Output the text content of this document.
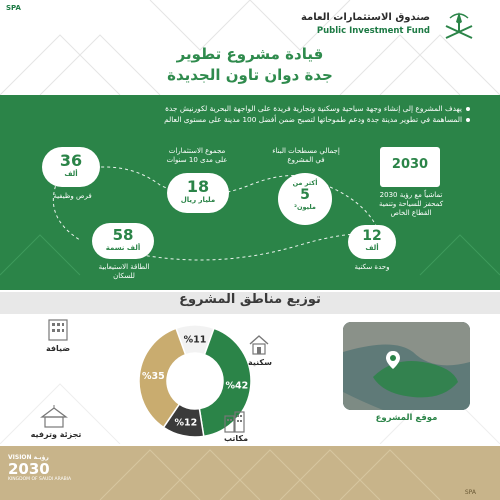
SPA
صندوق الاستثمارات العامة
Public Investment Fund
قيادة مشروع تطوير
جدة دوان تاون الجديدة
يهدف المشروع إلى إنشاء وجهة سياحية وسكنية وتجارية فريدة على الواجهة البحرية لكورنيش جدة
المساهمة في تطوير مدينة جدة ودعم طموحاتها لتصبح ضمن أفضل 100 مدينة على مستوى العالم
36
ألف
فرص وظيفية
مجموع الاستثمارات على مدى 10 سنوات
18
مليار ريال
إجمالي مسطحات البناء في المشروع
أكثر من
5
مليون²
2030
تماشياً مع رؤية 2030 كمحفز للسياحة وتنمية القطاع الخاص
58
ألف نسمة
الطاقة الاستيعابية للسكان
12
ألف
وحدة سكنية
توزيع مناطق المشروع
%11
%42
%12
%35
ضيافة
سكنية
تجزئة وترفيه	مكاتب
موقع المشروع
VISION رؤيـة
2030
KINGDOM OF SAUDI ARABIA
SPA
